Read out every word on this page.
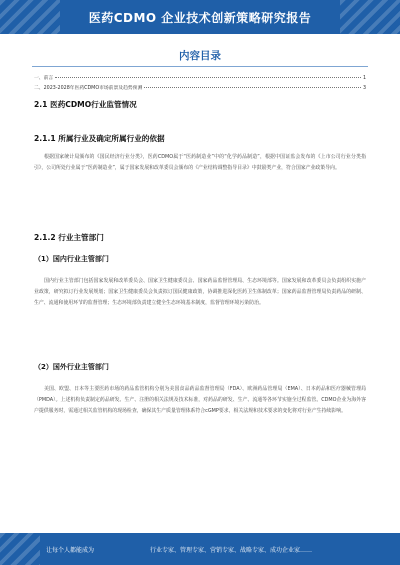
医药CDMO 企业技术创新策略研究报告
内容目录
一、前言	1
二、2023-2028年医药CDMO市场前景及趋势预测	3
2.1 医药CDMO行业监管情况
2.1.1 所属行业及确定所属行业的依据
根据国家统计局颁布的《国民经济行业分类》，医药CDMO属于“医药制造业”中的“化学药品制造”，根据中国证监会发布的《上市公司行业分类指引》，公司所处行业属于“医药制造业”，属于国家发展和改革委员会颁布的《产业结构调整指导目录》中鼓励类产业，符合国家产业政策导向。
2.1.2 行业主管部门
（1）国内行业主管部门
国内行业主管部门包括国家发展和改革委员会、国家卫生健康委员会、国家药品监督管理局、生态环境部等。国家发展和改革委员会负责组织实施产业政策，研究拟订行业发展规划；国家卫生健康委员会负责拟订国民健康政策，协调推进深化医药卫生体制改革；国家药品监督管理局负责药品的研制、生产、流通和使用环节的监督管理；生态环境部负责建立健全生态环境基本制度，监督管理环境污染防治。
（2）国外行业主管部门
美国、欧盟、日本等主要医药市场的药品监管机构分别为美国食品药品监督管理局（FDA）、欧洲药品管理局（EMA）、日本药品和医疗器械管理局（PMDA）。上述机构负责制定药品研发、生产、注册的相关法规及技术标准，对药品的研发、生产、流通等各环节实施全过程监管。CDMO企业为海外客户提供服务时，需通过相关监管机构的现场检查，确保其生产质量管理体系符合cGMP要求，相关法规和技术要求的变化将对行业产生持续影响。
让每个人都能成为	行业专家、管理专家、营销专家、战略专家、成功企业家……
